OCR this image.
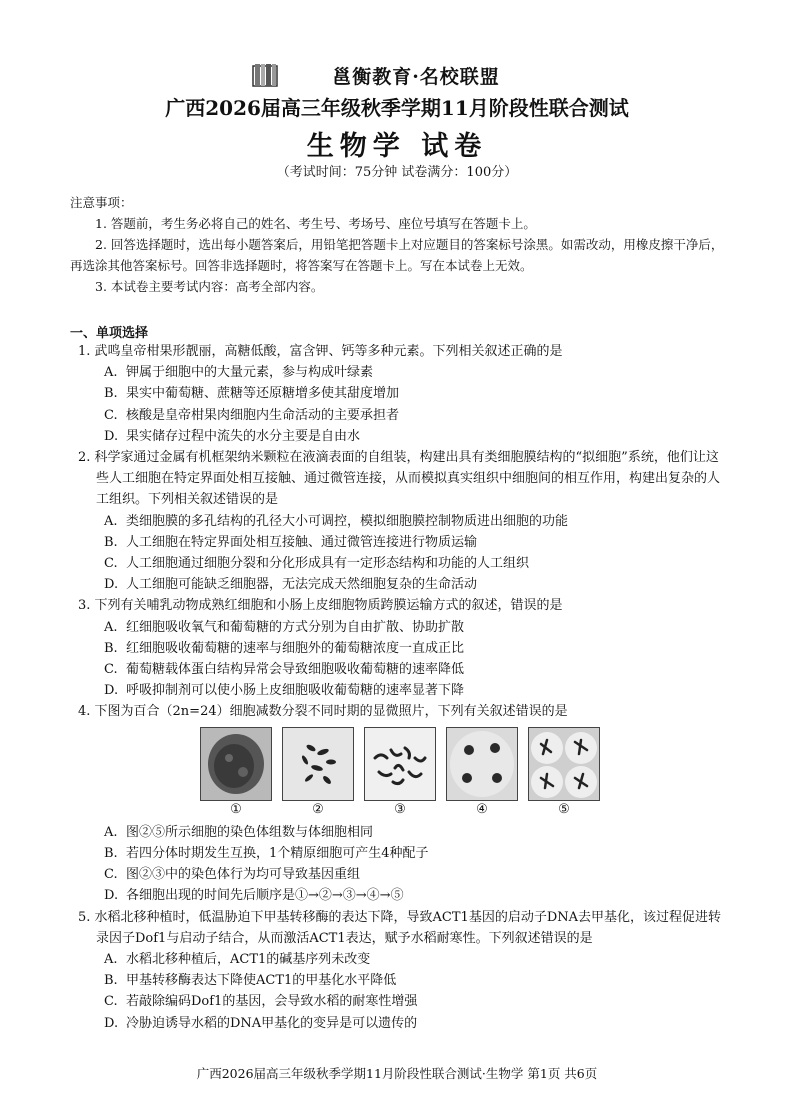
邕衡教育·名校联盟
广西2026届高三年级秋季学期11月阶段性联合测试
生物学 试卷
（考试时间：75分钟 试卷满分：100分）

注意事项：

1. 答题前，考生务必将自己的姓名、考生号、考场号、座位号填写在答题卡上。

2. 回答选择题时，选出每小题答案后，用铅笔把答题卡上对应题目的答案标号涂黑。如需改动，用橡皮擦干净后，再选涂其他答案标号。回答非选择题时，将答案写在答题卡上。写在本试卷上无效。

3. 本试卷主要考试内容：高考全部内容。

一、单项选择

1. 武鸣皇帝柑果形靓丽，高糖低酸，富含钾、钙等多种元素。下列相关叙述正确的是

A. 钾属于细胞中的大量元素，参与构成叶绿素

B. 果实中葡萄糖、蔗糖等还原糖增多使其甜度增加

C. 核酸是皇帝柑果肉细胞内生命活动的主要承担者

D. 果实储存过程中流失的水分主要是自由水

2. 科学家通过金属有机框架纳米颗粒在液滴表面的自组装，构建出具有类细胞膜结构的“拟细胞”系统，他们让这些人工细胞在特定界面处相互接触、通过微管连接，从而模拟真实组织中细胞间的相互作用，构建出复杂的人工组织。下列相关叙述错误的是

A. 类细胞膜的多孔结构的孔径大小可调控，模拟细胞膜控制物质进出细胞的功能

B. 人工细胞在特定界面处相互接触、通过微管连接进行物质运输

C. 人工细胞通过细胞分裂和分化形成具有一定形态结构和功能的人工组织

D. 人工细胞可能缺乏细胞器，无法完成天然细胞复杂的生命活动

3. 下列有关哺乳动物成熟红细胞和小肠上皮细胞物质跨膜运输方式的叙述，错误的是

A. 红细胞吸收氧气和葡萄糖的方式分别为自由扩散、协助扩散

B. 红细胞吸收葡萄糖的速率与细胞外的葡萄糖浓度一直成正比

C. 葡萄糖载体蛋白结构异常会导致细胞吸收葡萄糖的速率降低

D. 呼吸抑制剂可以使小肠上皮细胞吸收葡萄糖的速率显著下降

4. 下图为百合（2n=24）细胞减数分裂不同时期的显微照片，下列有关叙述错误的是

①	②	③	④	⑤

A. 图②⑤所示细胞的染色体组数与体细胞相同

B. 若四分体时期发生互换，1个精原细胞可产生4种配子

C. 图②③中的染色体行为均可导致基因重组

D. 各细胞出现的时间先后顺序是①→②→③→④→⑤

5. 水稻北移种植时，低温胁迫下甲基转移酶的表达下降，导致ACT1基因的启动子DNA去甲基化，该过程促进转录因子Dof1与启动子结合，从而激活ACT1表达，赋予水稻耐寒性。下列叙述错误的是

A. 水稻北移种植后，ACT1的碱基序列未改变

B. 甲基转移酶表达下降使ACT1的甲基化水平降低

C. 若敲除编码Dof1的基因，会导致水稻的耐寒性增强

D. 冷胁迫诱导水稻的DNA甲基化的变异是可以遗传的

广西2026届高三年级秋季学期11月阶段性联合测试·生物学 第1页 共6页
